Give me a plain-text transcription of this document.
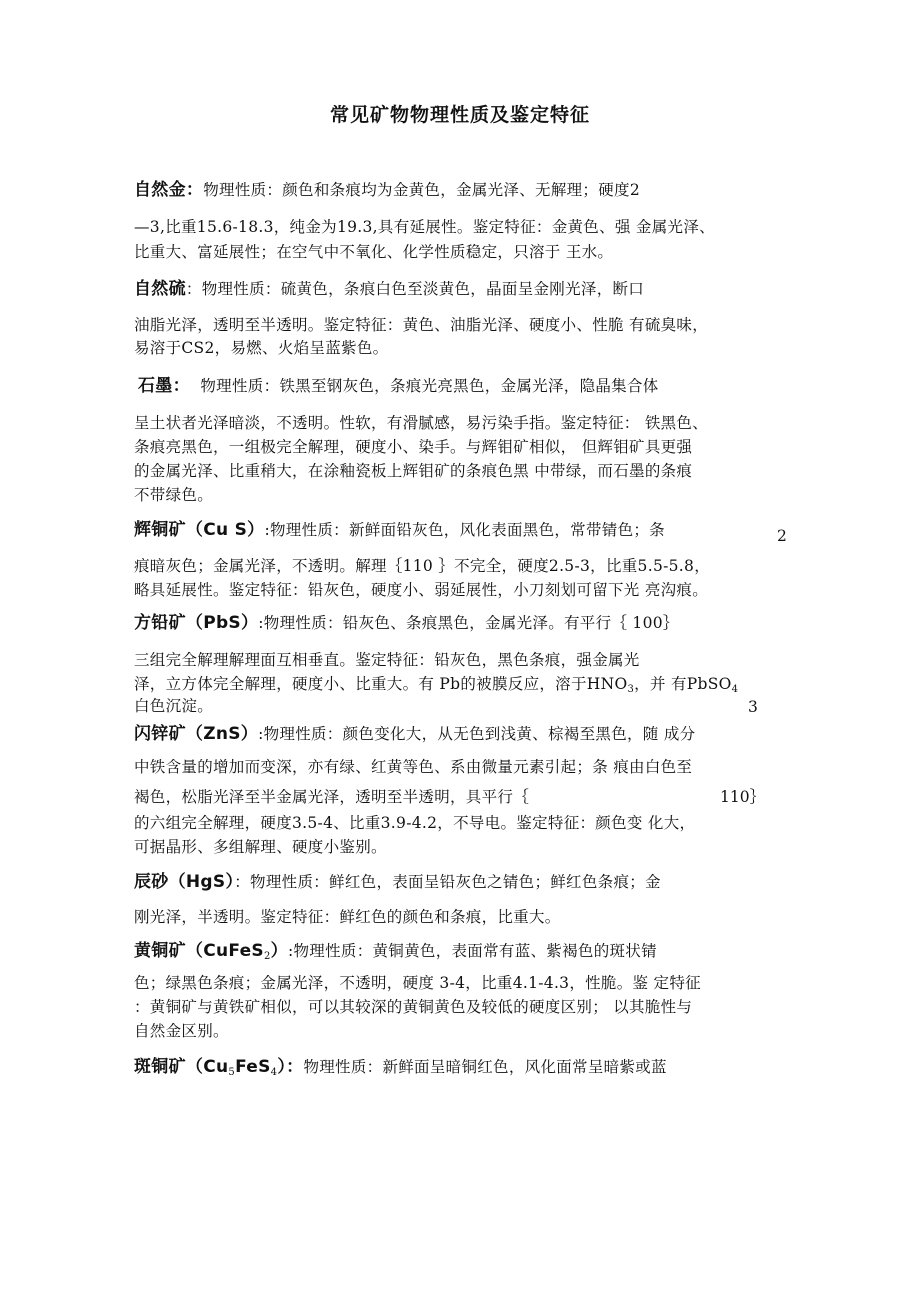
常见矿物物理性质及鉴定特征
自然金：物理性质：颜色和条痕均为金黄色，金属光泽、无解理；硬度2
—3,比重15.6-18.3，纯金为19.3,具有延展性。鉴定特征：金黄色、强 金属光泽、
比重大、富延展性；在空气中不氧化、化学性质稳定，只溶于 王水。
自然硫：物理性质：硫黄色，条痕白色至淡黄色，晶面呈金刚光泽，断口
油脂光泽，透明至半透明。鉴定特征：黄色、油脂光泽、硬度小、性脆 有硫臭味，
易溶于CS2，易燃、火焰呈蓝紫色。
石墨： 物理性质：铁黑至钢灰色，条痕光亮黑色，金属光泽，隐晶集合体
呈土状者光泽暗淡，不透明。性软，有滑腻感，易污染手指。鉴定特征： 铁黑色、
条痕亮黑色，一组极完全解理，硬度小、染手。与辉钼矿相似， 但辉钼矿具更强
的金属光泽、比重稍大，在涂釉瓷板上辉钼矿的条痕色黑 中带绿，而石墨的条痕
不带绿色。
辉铜矿（Cu S）:物理性质：新鲜面铅灰色，风化表面黑色，常带锖色；条	2
痕暗灰色；金属光泽，不透明。解理｛110 ｝不完全，硬度2.5-3，比重5.5-5.8，
略具延展性。鉴定特征：铅灰色，硬度小、弱延展性，小刀刻划可留下光 亮沟痕。
方铅矿（PbS）:物理性质：铅灰色、条痕黑色，金属光泽。有平行｛ 100｝
三组完全解理解理面互相垂直。鉴定特征：铅灰色，黑色条痕，强金属光
泽，立方体完全解理，硬度小、比重大。有 Pb的被膜反应，溶于$HNO_3$，并 有PbSO$_4$
白色沉淀。	3
闪锌矿（ZnS）:物理性质：颜色变化大，从无色到浅黄、棕褐至黑色，随 成分
中铁含量的增加而变深，亦有绿、红黄等色、系由微量元素引起；条 痕由白色至
褐色，松脂光泽至半金属光泽，透明至半透明，具平行｛	110｝
的六组完全解理，硬度3.5-4、比重3.9-4.2，不导电。鉴定特征：颜色变 化大，
可据晶形、多组解理、硬度小鉴别。
辰砂（HgS）：物理性质：鲜红色，表面呈铅灰色之锖色；鲜红色条痕；金
刚光泽，半透明。鉴定特征：鲜红色的颜色和条痕，比重大。
黄铜矿（CuFeS$_2$）:物理性质：黄铜黄色，表面常有蓝、紫褐色的斑状锖
色；绿黑色条痕；金属光泽，不透明，硬度 3-4，比重4.1-4.3，性脆。鉴 定特征
：黄铜矿与黄铁矿相似，可以其较深的黄铜黄色及较低的硬度区别； 以其脆性与
自然金区别。
斑铜矿$(Cu_5FeS_4)$：物理性质：新鲜面呈暗铜红色，风化面常呈暗紫或蓝
